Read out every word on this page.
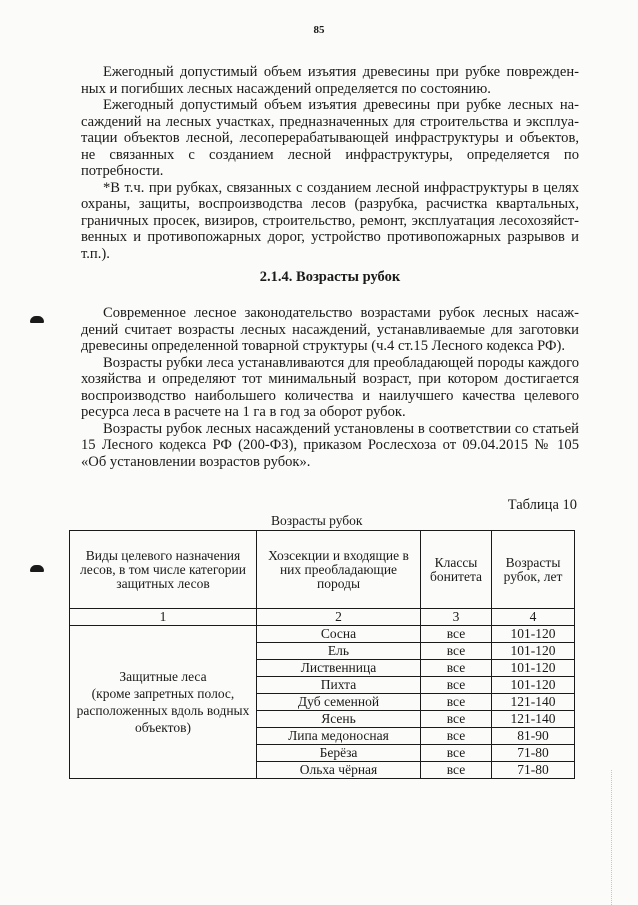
85

Ежегодный допустимый объем изъятия древесины при рубке поврежденных и погибших лесных насаждений определяется по состоянию.

Ежегодный допустимый объем изъятия древесины при рубке лесных насаждений на лесных участках, предназначенных для строительства и эксплуатации объектов лесной, лесоперерабатывающей инфраструктуры и объектов, не связанных с созданием лесной инфраструктуры, определяется по потребности.

*В т.ч. при рубках, связанных с созданием лесной инфраструктуры в целях охраны, защиты, воспроизводства лесов (разрубка, расчистка квартальных, граничных просек, визиров, строительство, ремонт, эксплуатация лесохозяйственных и противопожарных дорог, устройство противопожарных разрывов и т.п.).

2.1.4. Возрасты рубок

Современное лесное законодательство возрастами рубок лесных насаждений считает возрасты лесных насаждений, устанавливаемые для заготовки древесины определенной товарной структуры (ч.4 ст.15 Лесного кодекса РФ).

Возрасты рубки леса устанавливаются для преобладающей породы каждого хозяйства и определяют тот минимальный возраст, при котором достигается воспроизводство наибольшего количества и наилучшего качества целевого ресурса леса в расчете на 1 га в год за оборот рубок.

Возрасты рубок лесных насаждений установлены в соответствии со статьей 15 Лесного кодекса РФ (200-ФЗ), приказом Рослесхоза от 09.04.2015 № 105 «Об установлении возрастов рубок».

Таблица 10
Возрасты рубок
Виды целевого назначения лесов, в том числе категории защитных лесов	Хозсекции и входящие в них преобладающие породы	Классы бонитета	Возрасты рубок, лет
1	2	3	4

Защитные леса
(кроме запретных полос, расположенных вдоль водных объектов)	Сосна	все	101-120
	Ель	все	101-120
	Лиственница	все	101-120
	Пихта	все	101-120
	Дуб семенной	все	121-140
	Ясень	все	121-140
	Липа медоносная	все	81-90
	Берёза	все	71-80
	Ольха чёрная	все	71-80
